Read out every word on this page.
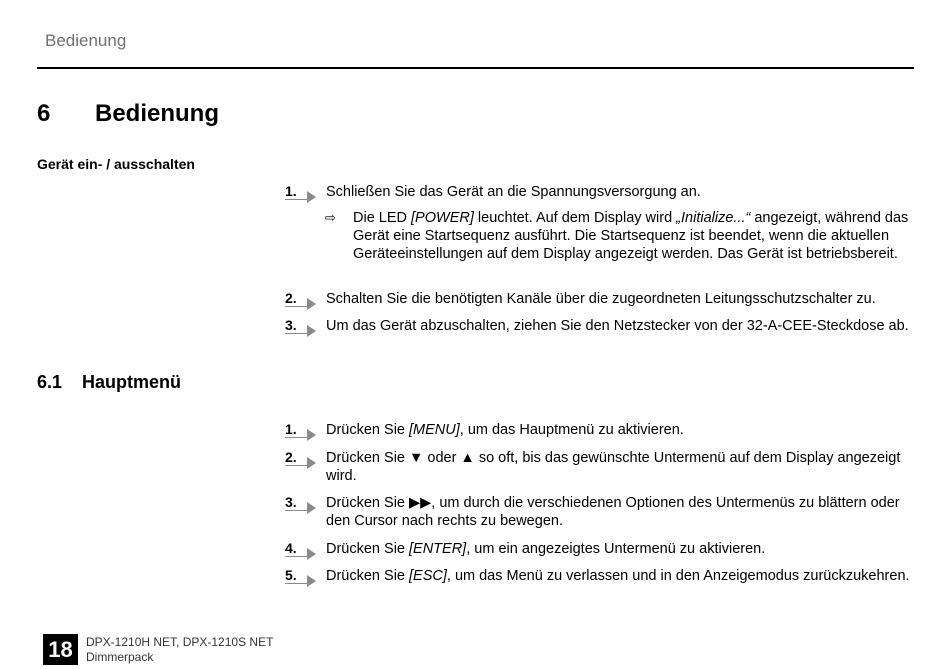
Bedienung
6 Bedienung
Gerät ein- / ausschalten
1. Schließen Sie das Gerät an die Spannungsversorgung an.
⇨ Die LED [POWER] leuchtet. Auf dem Display wird „Initialize...“ angezeigt, während das Gerät eine Startsequenz ausführt. Die Startsequenz ist beendet, wenn die aktuellen Geräteeinstellungen auf dem Display angezeigt werden. Das Gerät ist betriebsbereit.
2. Schalten Sie die benötigten Kanäle über die zugeordneten Leitungsschutzschalter zu.
3. Um das Gerät abzuschalten, ziehen Sie den Netzstecker von der 32-A-CEE-Steckdose ab.
6.1 Hauptmenü
1. Drücken Sie [MENU], um das Hauptmenü zu aktivieren.
2. Drücken Sie ▼ oder ▲ so oft, bis das gewünschte Untermenü auf dem Display angezeigt wird.
3. Drücken Sie ▶▶, um durch die verschiedenen Optionen des Untermenüs zu blättern oder den Cursor nach rechts zu bewegen.
4. Drücken Sie [ENTER], um ein angezeigtes Untermenü zu aktivieren.
5. Drücken Sie [ESC], um das Menü zu verlassen und in den Anzeigemodus zurückzukehren.
18	DPX-1210H NET, DPX-1210S NET
Dimmerpack
